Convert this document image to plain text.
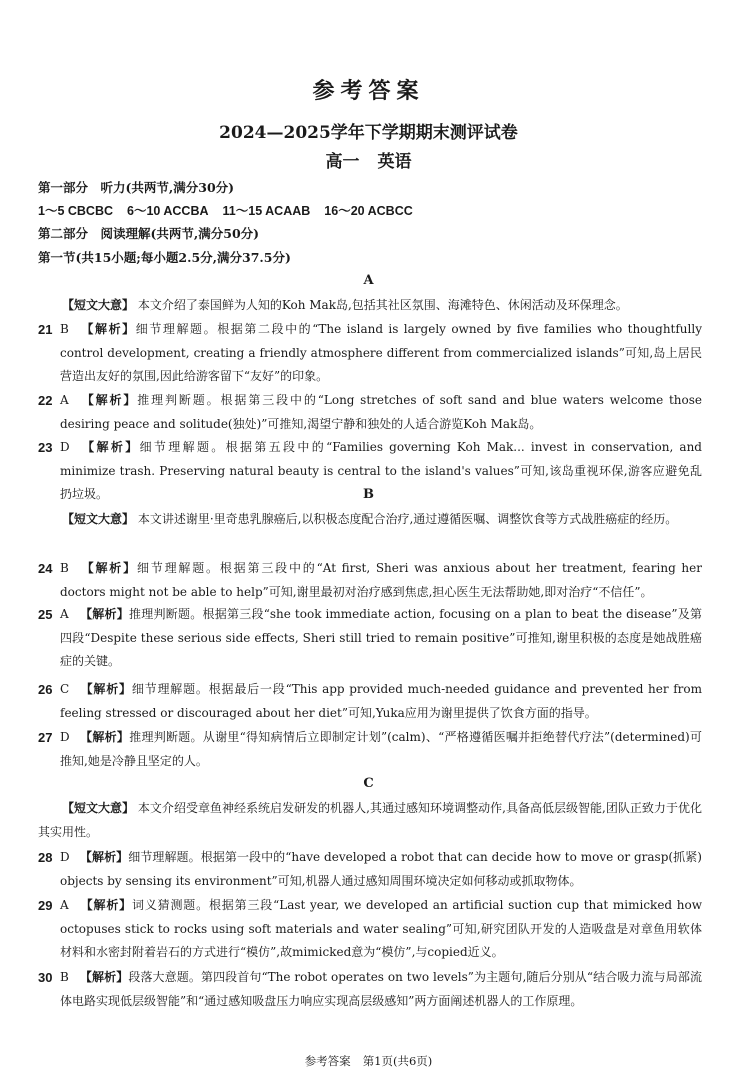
参考答案
2024—2025学年下学期期末测评试卷
高一 英语
第一部分　听力(共两节,满分30分)
1～5 CBCBC 6～10 ACCBA 11～15 ACAAB 16～20 ACBCC
第二部分　阅读理解(共两节,满分50分)
第一节(共15小题;每小题2.5分,满分37.5分)
A
【短文大意】 本文介绍了泰国鲜为人知的Koh Mak岛,包括其社区氛围、海滩特色、休闲活动及环保理念。
21 B 【解析】细节理解题。根据第二段中的“The island is largely owned by five families who thoughtfully control development, creating a friendly atmosphere different from commercialized islands”可知,岛上居民营造出友好的氛围,因此给游客留下“友好”的印象。
22 A 【解析】推理判断题。根据第三段中的“Long stretches of soft sand and blue waters welcome those desiring peace and solitude(独处)”可推知,渴望宁静和独处的人适合游览Koh Mak岛。
23 D 【解析】细节理解题。根据第五段中的“Families governing Koh Mak... invest in conservation, and minimize trash. Preserving natural beauty is central to the island's values”可知,该岛重视环保,游客应避免乱扔垃圾。	B
【短文大意】 本文讲述谢里·里奇患乳腺癌后,以积极态度配合治疗,通过遵循医嘱、调整饮食等方式战胜癌症的经历。
24 B 【解析】细节理解题。根据第三段中的“At first, Sheri was anxious about her treatment, fearing her doctors might not be able to help”可知,谢里最初对治疗感到焦虑,担心医生无法帮助她,即对治疗“不信任”。
25 A 【解析】推理判断题。根据第三段“she took immediate action, focusing on a plan to beat the disease”及第四段“Despite these serious side effects, Sheri still tried to remain positive”可推知,谢里积极的态度是她战胜癌症的关键。
26 C 【解析】细节理解题。根据最后一段“This app provided much-needed guidance and prevented her from feeling stressed or discouraged about her diet”可知,Yuka应用为谢里提供了饮食方面的指导。
27 D 【解析】推理判断题。从谢里“得知病情后立即制定计划”(calm)、“严格遵循医嘱并拒绝替代疗法”(determined)可推知,她是冷静且坚定的人。
C
【短文大意】 本文介绍受章鱼神经系统启发研发的机器人,其通过感知环境调整动作,具备高低层级智能,团队正致力于优化其实用性。
28 D 【解析】细节理解题。根据第一段中的“have developed a robot that can decide how to move or grasp(抓紧) objects by sensing its environment”可知,机器人通过感知周围环境决定如何移动或抓取物体。
29 A 【解析】词义猜测题。根据第三段“Last year, we developed an artificial suction cup that mimicked how octopuses stick to rocks using soft materials and water sealing”可知,研究团队开发的人造吸盘是对章鱼用软体材料和水密封附着岩石的方式进行“模仿”,故mimicked意为“模仿”,与copied近义。
30 B 【解析】段落大意题。第四段首句“The robot operates on two levels”为主题句,随后分别从“结合吸力流与局部流体电路实现低层级智能”和“通过感知吸盘压力响应实现高层级感知”两方面阐述机器人的工作原理。
参考答案 第1页(共6页)
